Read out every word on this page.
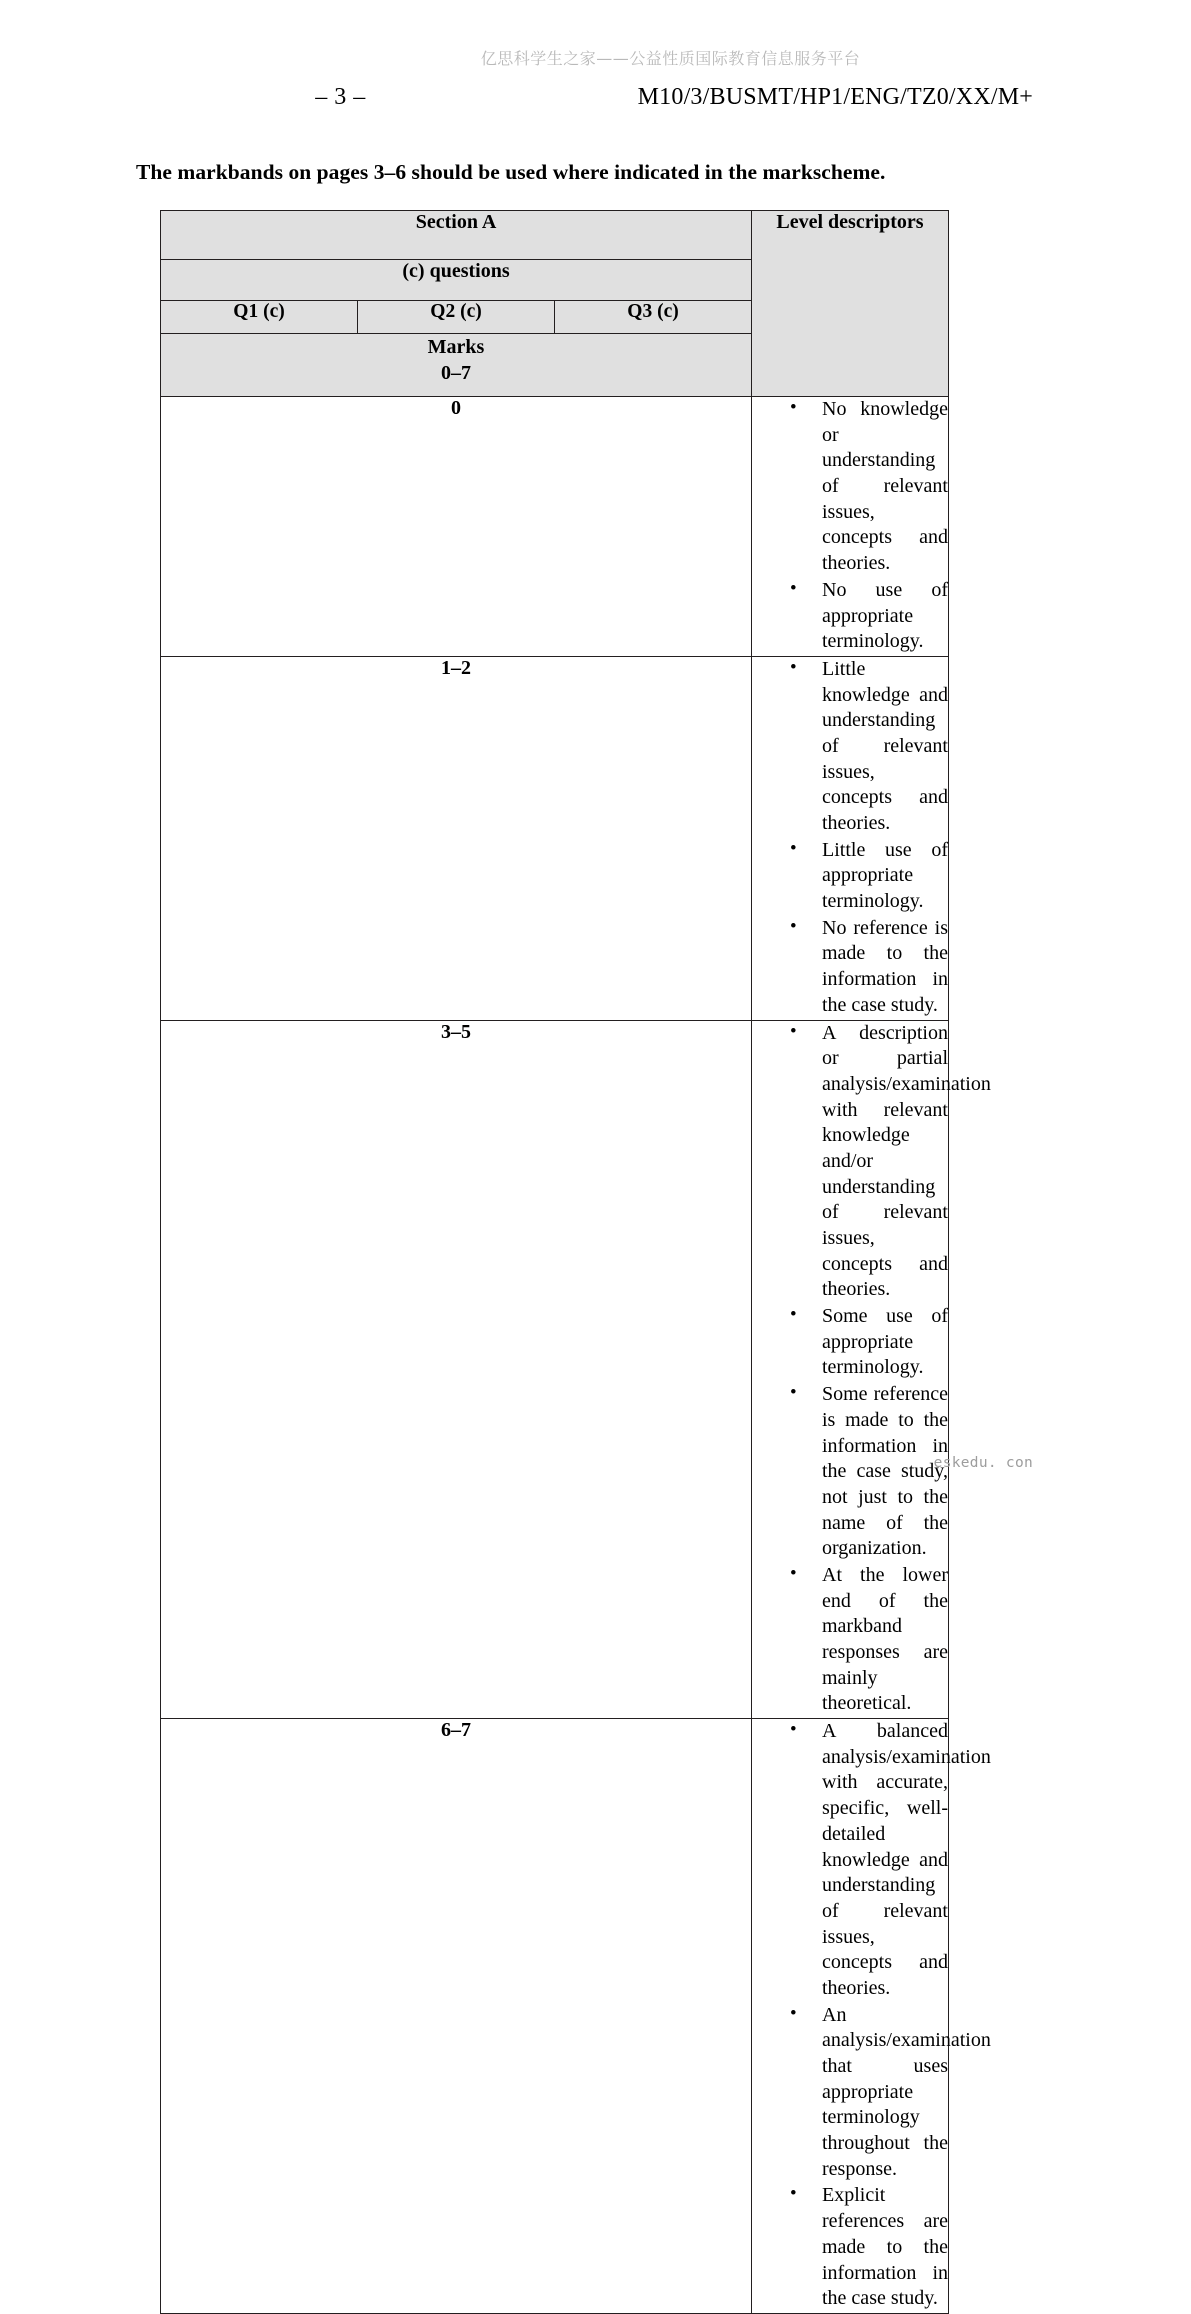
亿思科学生之家——公益性质国际教育信息服务平台
– 3 –	M10/3/BUSMT/HP1/ENG/TZ0/XX/M+
The markbands on pages 3–6 should be used where indicated in the markscheme.
Section A			Level descriptors
(c) questions			
Q1 (c)	Q2 (c)	Q3 (c)	

Marks
0–7			

0	
•No knowledge or understanding of relevant issues, concepts and theories.
• No use of appropriate terminology.

1–2	
•Little knowledge and understanding of relevant issues, concepts and theories.
• Little use of appropriate terminology.
• No reference is made to the information in the case study.

3–5	
•A description or partial analysis/examination with relevant knowledge and/or understanding of relevant issues, concepts and theories.
• Some use of appropriate terminology.
• Some reference is made to the information in the case study, not just to the name of the organization.
• At the lower end of the markband responses are mainly theoretical.

6–7	
•A balanced analysis/examination with accurate, specific, well-detailed knowledge and understanding of relevant issues, concepts and theories.
• An analysis/examination that uses appropriate terminology throughout the response.
• Explicit references are made to the information in the case study.
eskedu. con
